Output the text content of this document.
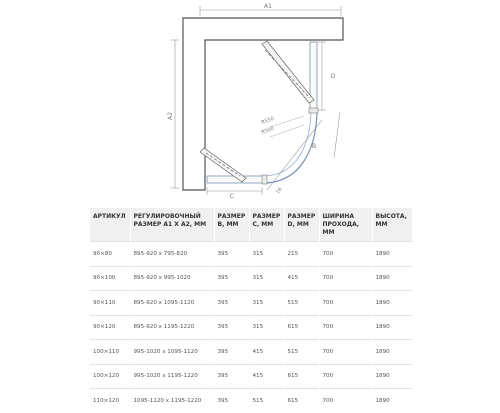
A1
A2	R550
R500
D
C
B
16
АРТИКУЛ	РЕГУЛИРОВОЧНЫЙ РАЗМЕР A1 X A2, ММ	РАЗМЕР B, ММ	РАЗМЕР C, ММ	РАЗМЕР D, ММ	ШИРИНА ПРОХОДА, ММ	ВЫСОТА, ММ
90×80	895-920 x 795-820	395	315	215	700	1890
90×100	895-920 x 995-1020	395	315	415	700	1890
90×110	895-920 x 1095-1120	395	315	515	700	1890
90×120	895-920 x 1195-1220	395	315	615	700	1890
100×110	995-1020 x 1095-1120	395	415	515	700	1890
100×120	995-1020 x 1195-1220	395	415	615	700	1890
110×120	1095-1120 x 1195-1220	395	515	615	700	1890
